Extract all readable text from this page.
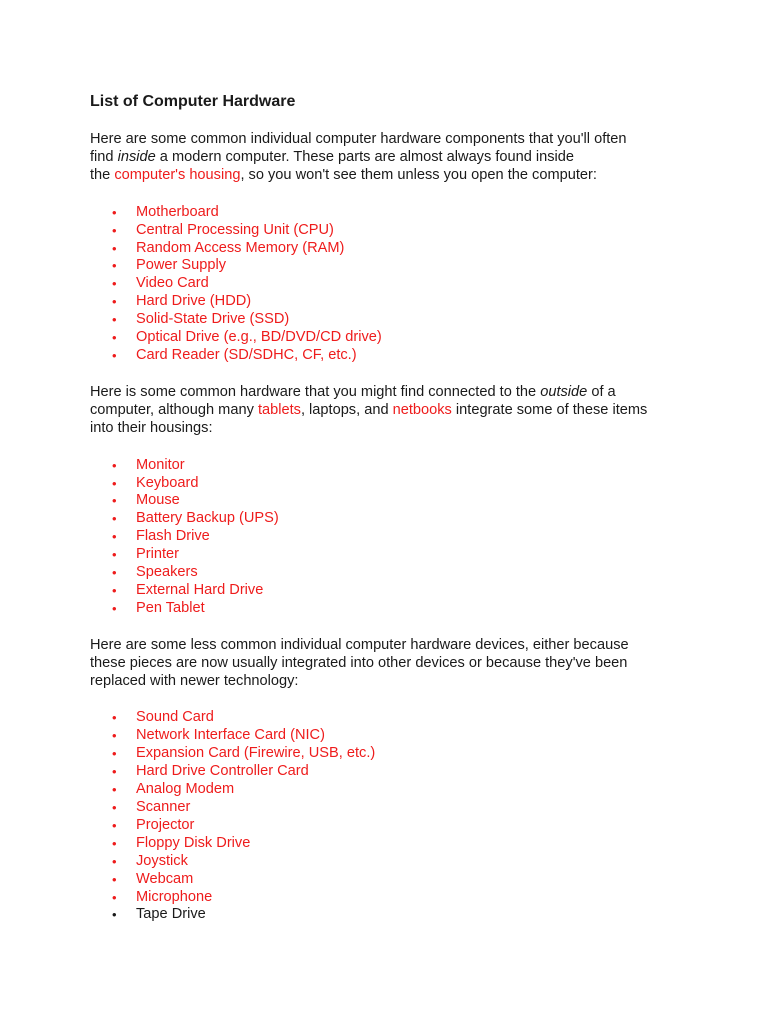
List of Computer Hardware

Here are some common individual computer hardware components that you'll often
find inside a modern computer. These parts are almost always found inside
the computer's housing, so you won't see them unless you open the computer:

• Motherboard
• Central Processing Unit (CPU)
• Random Access Memory (RAM)
• Power Supply
• Video Card
• Hard Drive (HDD)
• Solid-State Drive (SSD)
• Optical Drive (e.g., BD/DVD/CD drive)
• Card Reader (SD/SDHC, CF, etc.)

Here is some common hardware that you might find connected to the outside of a
computer, although many tablets, laptops, and netbooks integrate some of these items
into their housings:

• Monitor
• Keyboard
• Mouse
• Battery Backup (UPS)
• Flash Drive
• Printer
• Speakers
• External Hard Drive
• Pen Tablet

Here are some less common individual computer hardware devices, either because
these pieces are now usually integrated into other devices or because they've been
replaced with newer technology:

• Sound Card
• Network Interface Card (NIC)
• Expansion Card (Firewire, USB, etc.)
• Hard Drive Controller Card
• Analog Modem
• Scanner
• Projector
• Floppy Disk Drive
• Joystick
• Webcam
• Microphone
• Tape Drive
